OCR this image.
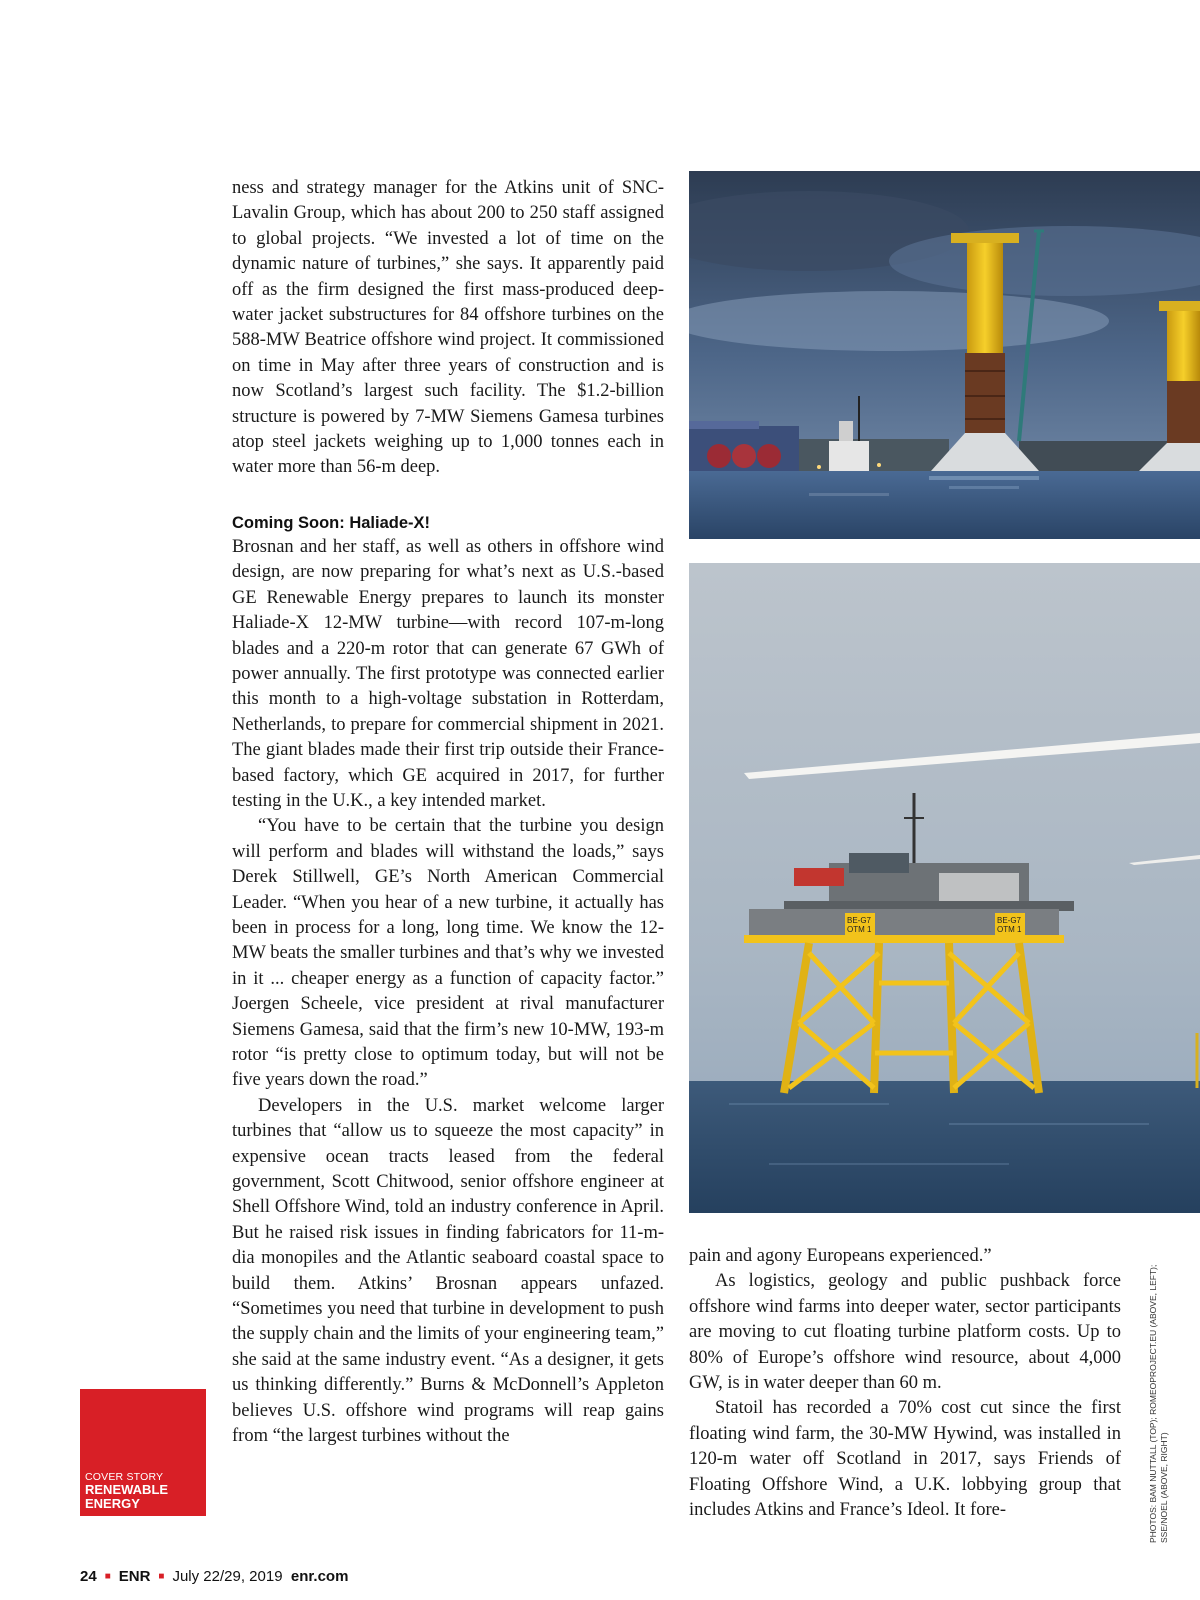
ness and strategy manager for the Atkins unit of SNC-Lavalin Group, which has about 200 to 250 staff assigned to global projects. “We invested a lot of time on the dynamic nature of turbines,” she says. It apparently paid off as the firm designed the first mass-produced deep-water jacket substructures for 84 offshore turbines on the 588-MW Beatrice offshore wind project. It commissioned on time in May after three years of construction and is now Scotland’s largest such facility. The $1.2-billion structure is powered by 7-MW Siemens Gamesa turbines atop steel jackets weighing up to 1,000 tonnes each in water more than 56-m deep.

Coming Soon: Haliade-X!

Brosnan and her staff, as well as others in offshore wind design, are now preparing for what’s next as U.S.-based GE Renewable Energy prepares to launch its monster Haliade-X 12-MW turbine—with record 107-m-long blades and a 220-m rotor that can generate 67 GWh of power annually. The first prototype was connected earlier this month to a high-voltage substation in Rotterdam, Netherlands, to prepare for commercial shipment in 2021. The giant blades made their first trip outside their France-based factory, which GE acquired in 2017, for further testing in the U.K., a key intended market.

“You have to be certain that the turbine you design will perform and blades will withstand the loads,” says Derek Stillwell, GE’s North American Commercial Leader. “When you hear of a new turbine, it actually has been in process for a long, long time. We know the 12-MW beats the smaller turbines and that’s why we invested in it ... cheaper energy as a function of capacity factor.” Joergen Scheele, vice president at rival manufacturer Siemens Gamesa, said that the firm’s new 10-MW, 193-m rotor “is pretty close to optimum today, but will not be five years down the road.”

Developers in the U.S. market welcome larger turbines that “allow us to squeeze the most capacity” in expensive ocean tracts leased from the federal government, Scott Chitwood, senior offshore engineer at Shell Offshore Wind, told an industry conference in April. But he raised risk issues in finding fabricators for 11-m-dia monopiles and the Atlantic seaboard coastal space to build them. Atkins’ Brosnan appears unfazed. “Sometimes you need that turbine in development to push the supply chain and the limits of your engineering team,” she said at the same industry event. “As a designer, it gets us thinking differently.” Burns & McDonnell’s Appleton believes U.S. offshore wind programs will reap gains from “the largest turbines without the

BE-G7
OTM 1
BE-G7
OTM 1

pain and agony Europeans experienced.”

As logistics, geology and public pushback force offshore wind farms into deeper water, sector participants are moving to cut floating turbine platform costs. Up to 80% of Europe’s offshore wind resource, about 4,000 GW, is in water deeper than 60 m.

Statoil has recorded a 70% cost cut since the first floating wind farm, the 30-MW Hywind, was installed in 120-m water off Scotland in 2017, says Friends of Floating Offshore Wind, a U.K. lobbying group that includes Atkins and France’s Ideol. It fore-	PHOTOS: BAM NUTTALL (TOP); ROMEOPROJECT.EU (ABOVE, LEFT); SSE/NOEL (ABOVE, RIGHT)
COVER STORY
RENEWABLE ENERGY
24 ■ ENR ■ July 22/29, 2019 enr.com
